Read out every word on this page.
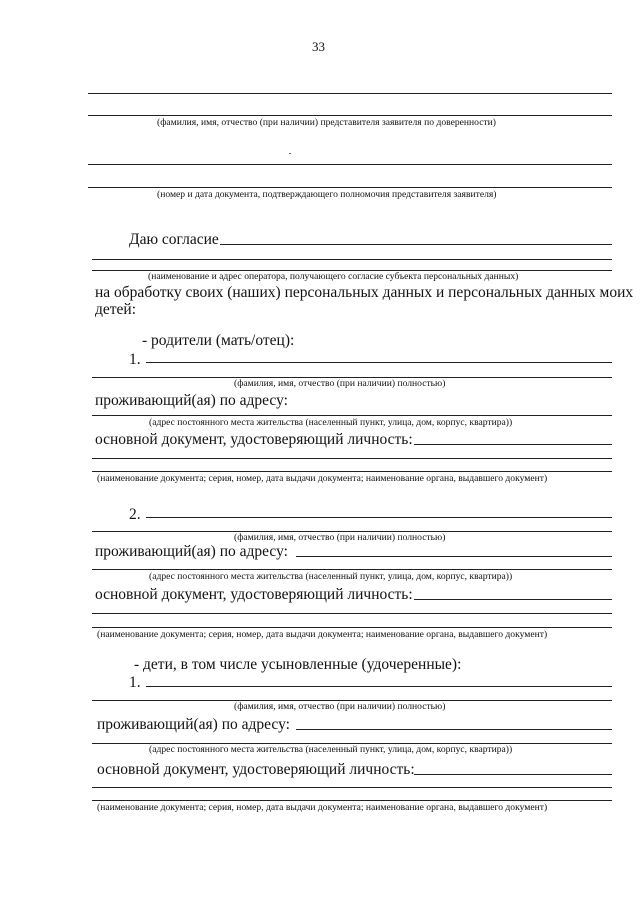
33
(фамилия, имя, отчество (при наличии) представителя заявителя по доверенности)
(номер и дата документа, подтверждающего полномочия представителя заявителя)
Даю согласие
(наименование и адрес оператора, получающего согласие субъекта персональных данных)
на обработку своих (наших) персональных данных и персональных данных моих
детей:
- родители (мать/отец):
1.
(фамилия, имя, отчество (при наличии) полностью)
проживающий(ая) по адресу:
(адрес постоянного места жительства (населенный пункт, улица, дом, корпус, квартира))
основной документ, удостоверяющий личность:
(наименование документа; серия, номер, дата выдачи документа; наименование органа, выдавшего документ)
2.
(фамилия, имя, отчество (при наличии) полностью)
проживающий(ая) по адресу:
(адрес постоянного места жительства (населенный пункт, улица, дом, корпус, квартира))
основной документ, удостоверяющий личность:
(наименование документа; серия, номер, дата выдачи документа; наименование органа, выдавшего документ)
- дети, в том числе усыновленные (удочеренные):
1.
(фамилия, имя, отчество (при наличии) полностью)
проживающий(ая) по адресу:
(адрес постоянного места жительства (населенный пункт, улица, дом, корпус, квартира))
основной документ, удостоверяющий личность:
(наименование документа; серия, номер, дата выдачи документа; наименование органа, выдавшего документ)
